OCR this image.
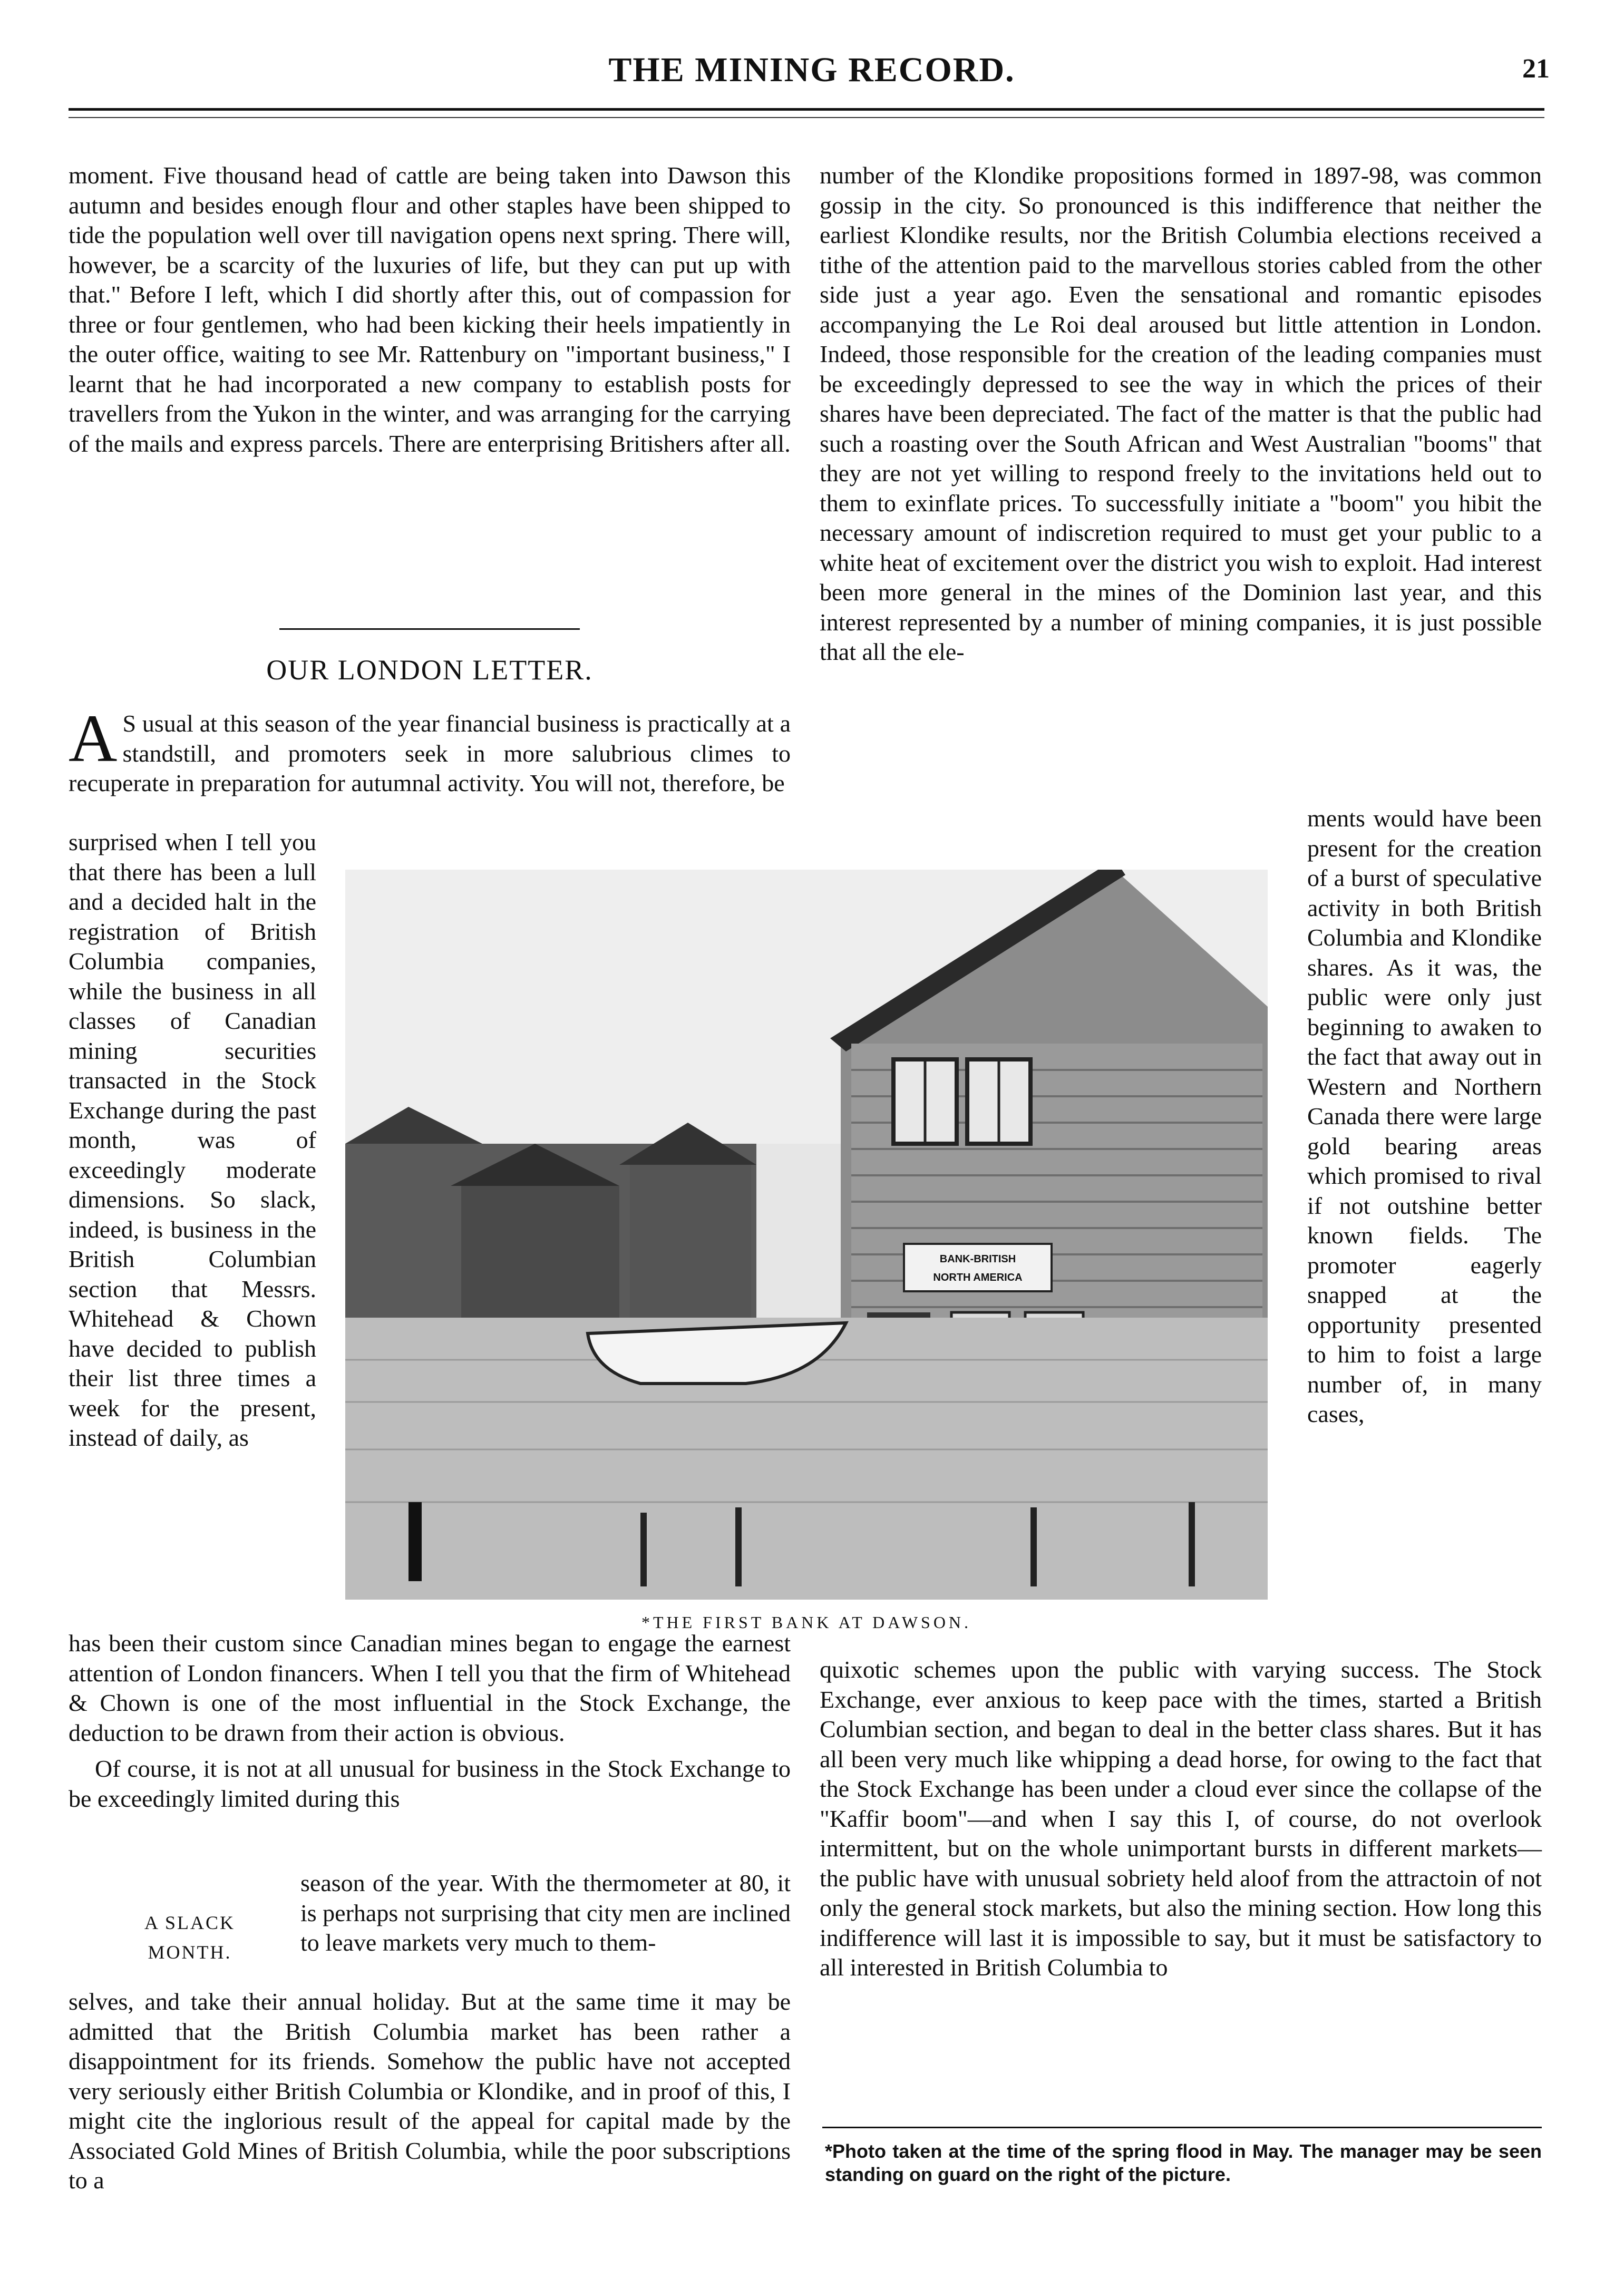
THE MINING RECORD.	21

moment. Five thousand head of cattle are being taken into Dawson this autumn and besides enough flour and other staples have been shipped to tide the population well over till navigation opens next spring. There will, however, be a scarcity of the luxuries of life, but they can put up with that." Before I left, which I did shortly after this, out of compassion for three or four gentlemen, who had been kicking their heels impatiently in the outer office, waiting to see Mr. Rattenbury on "important business," I learnt that he had incorporated a new company to establish posts for travellers from the Yukon in the winter, and was arranging for the carrying of the mails and express parcels. There are enterprising Britishers after all.

OUR LONDON LETTER.
A S usual at this season of the year financial business is practically at a standstill, and promoters seek in more salubrious climes to recuperate in preparation for autumnal activity. You will not, therefore, be
surprised when I tell you that there has been a lull and a decided halt in the registration of British Columbia companies, while the business in all classes of Canadian mining securities transacted in the Stock Exchange during the past month, was of exceedingly moderate dimensions. So slack, indeed, is business in the British Columbian section that Messrs. Whitehead & Chown have decided to publish their list three times a week for the present, instead of daily, as
BANK-BRITISH
NORTH AMERICA
*THE FIRST BANK AT DAWSON.

has been their custom since Canadian mines began to engage the earnest attention of London financers. When I tell you that the firm of Whitehead & Chown is one of the most influential in the Stock Exchange, the deduction to be drawn from their action is obvious.

Of course, it is not at all unusual for business in the Stock Exchange to be exceedingly limited during this

A SLACK
MONTH.
season of the year. With the thermometer at 80, it is perhaps not surprising that city men are inclined to leave markets very much to them-

selves, and take their annual holiday. But at the same time it may be admitted that the British Columbia market has been rather a disappointment for its friends. Somehow the public have not accepted very seriously either British Columbia or Klondike, and in proof of this, I might cite the inglorious result of the appeal for capital made by the Associated Gold Mines of British Columbia, while the poor subscriptions to a

number of the Klondike propositions formed in 1897-98, was common gossip in the city. So pronounced is this indifference that neither the earliest Klondike results, nor the British Columbia elections received a tithe of the attention paid to the marvellous stories cabled from the other side just a year ago. Even the sensational and romantic episodes accompanying the Le Roi deal aroused but little attention in London. Indeed, those responsible for the creation of the leading companies must be exceedingly depressed to see the way in which the prices of their shares have been depreciated. The fact of the matter is that the public had such a roasting over the South African and West Australian "booms" that they are not yet willing to respond freely to the invitations held out to them to exinflate prices. To successfully initiate a "boom" you hibit the necessary amount of indiscretion required to must get your public to a white heat of excitement over the district you wish to exploit. Had interest been more general in the mines of the Dominion last year, and this interest represented by a number of mining companies, it is just possible that all the ele-

ments would have been present for the creation of a burst of speculative activity in both British Columbia and Klondike shares. As it was, the public were only just beginning to awaken to the fact that away out in Western and Northern Canada there were large gold bearing areas which promised to rival if not outshine better known fields. The promoter eagerly snapped at the opportunity presented to him to foist a large number of, in many cases,

quixotic schemes upon the public with varying success. The Stock Exchange, ever anxious to keep pace with the times, started a British Columbian section, and began to deal in the better class shares. But it has all been very much like whipping a dead horse, for owing to the fact that the Stock Exchange has been under a cloud ever since the collapse of the "Kaffir boom"—and when I say this I, of course, do not overlook intermittent, but on the whole unimportant bursts in different markets—the public have with unusual sobriety held aloof from the attractoin of not only the general stock markets, but also the mining section. How long this indifference will last it is impossible to say, but it must be satisfactory to all interested in British Columbia to

*Photo taken at the time of the spring flood in May. The manager may be seen standing on guard on the right of the picture.
